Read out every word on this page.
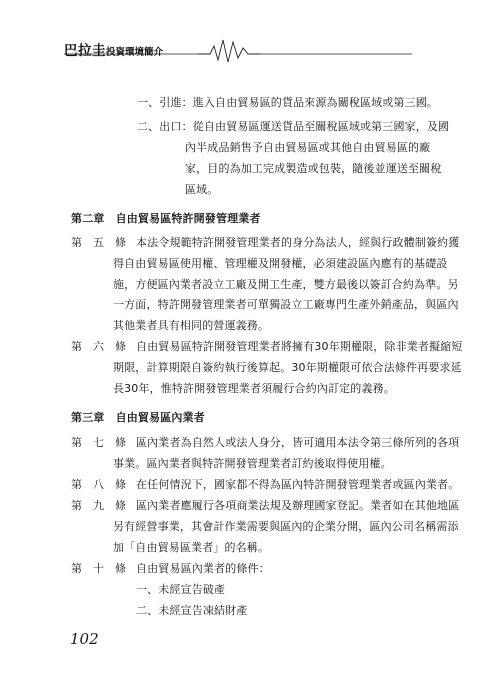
巴拉圭投資環境簡介
一、引進：進入自由貿易區的貨品來源為關稅區域或第三國。
二、出口：從自由貿易區運送貨品至關稅區域或第三國家，及國
內半成品銷售予自由貿易區或其他自由貿易區的廠
家，目的為加工完成製造或包裝，隨後並運送至關稅
區域。
第二章　自由貿易區特許開發管理業者
第　五　條 本法令規範特許開發管理業者的身分為法人，經與行政體制簽約獲
得自由貿易區使用權、管理權及開發權，必須建設區內應有的基礎設
施，方便區內業者設立工廠及開工生產，雙方最後以簽訂合約為準。另
一方面，特許開發管理業者可單獨設立工廠專門生產外銷產品，與區內
其他業者具有相同的營運義務。
第　六　條 自由貿易區特許開發管理業者將擁有30年期權限，除非業者擬縮短
期限，計算期限自簽約執行後算起。30年期權限可依合法條件再要求延
長30年，惟特許開發管理業者須履行合約內訂定的義務。
第三章　自由貿易區內業者
第　七　條 區內業者為自然人或法人身分，皆可適用本法令第三條所列的各項
事業。區內業者與特許開發管理業者訂約後取得使用權。
第　八　條 在任何情況下，國家都不得為區內特許開發管理業者或區內業者。
第　九　條 區內業者應履行各項商業法規及辦理國家登記。業者如在其他地區
另有經營事業，其會計作業需要與區內的企業分開，區內公司名稱需添
加「自由貿易區業者」的名稱。
第　十　條 自由貿易區內業者的條件：
一、未經宣告破產
二、未經宣告凍結財產
102
